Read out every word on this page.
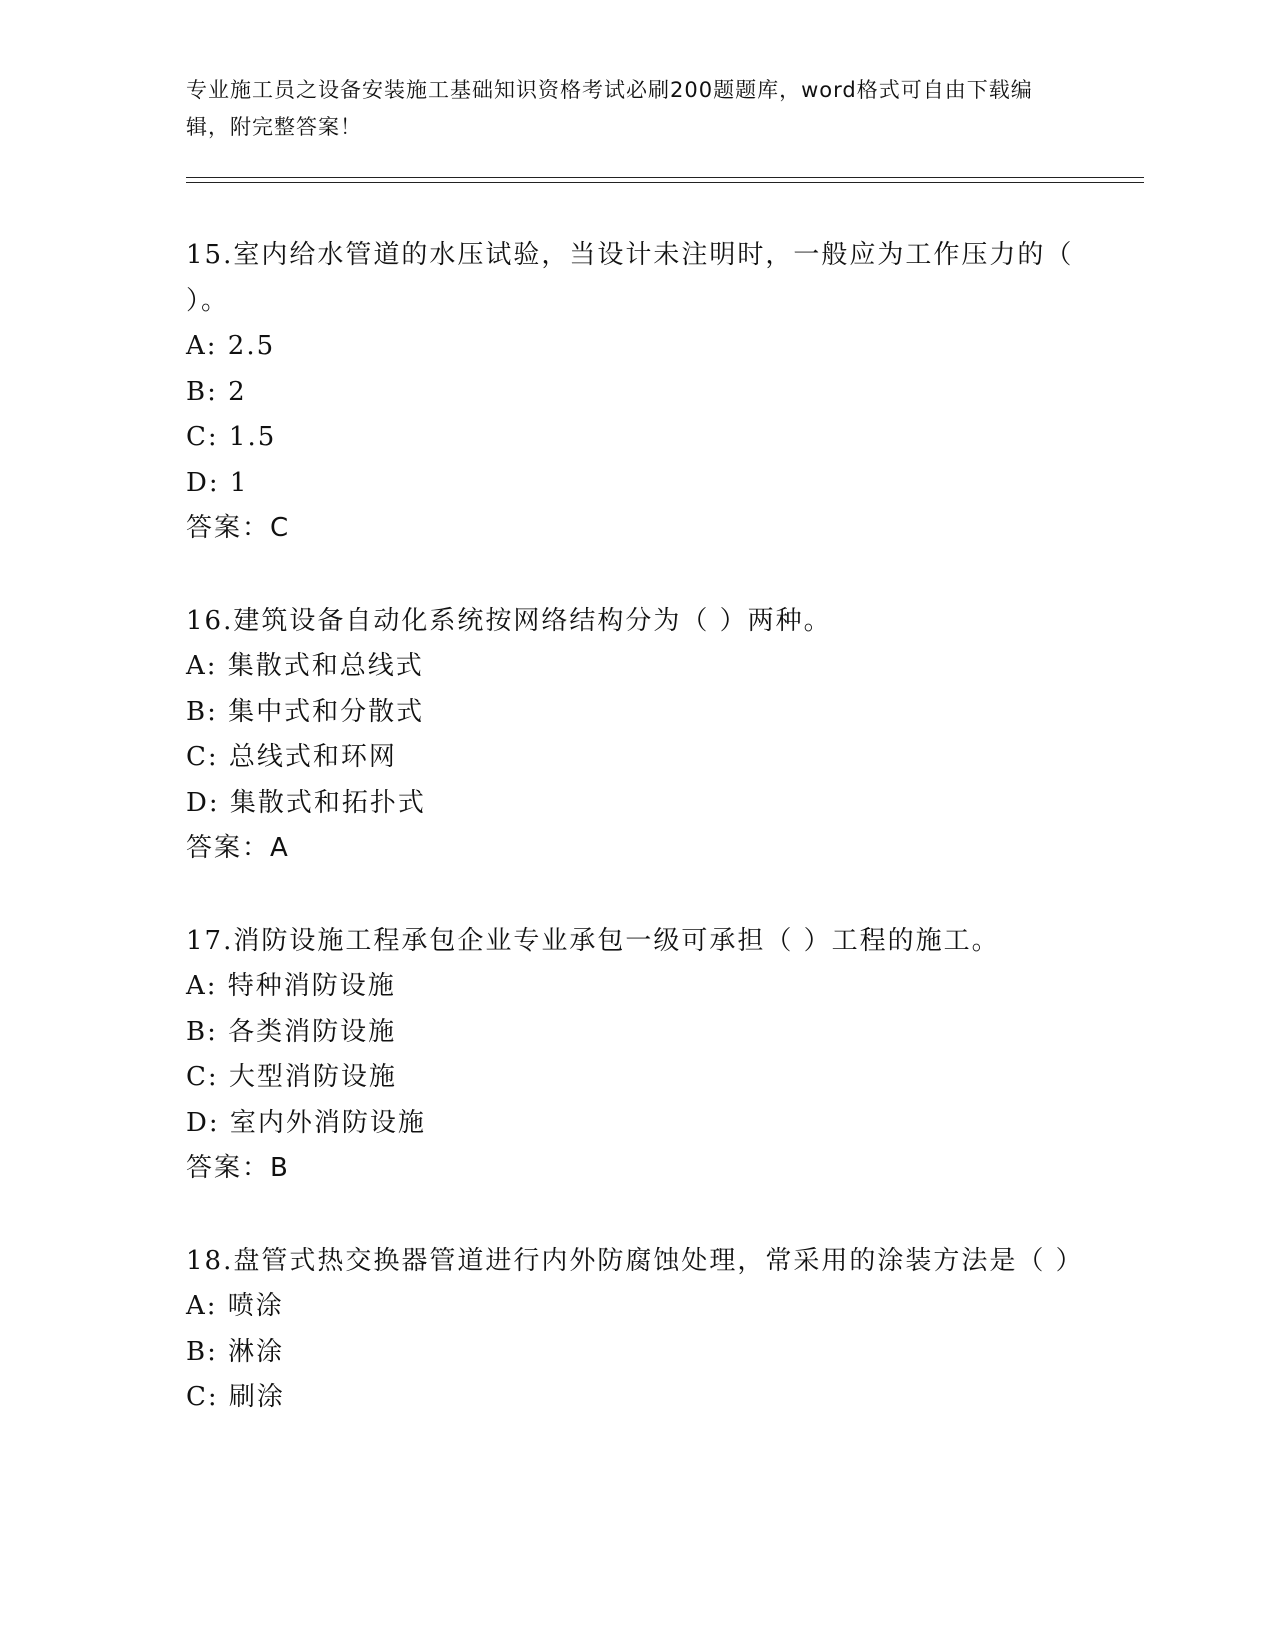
专业施工员之设备安装施工基础知识资格考试必刷200题题库，word格式可自由下载编辑，附完整答案！
15.室内给水管道的水压试验，当设计未注明时，一般应为工作压力的（ ）。
A: 2.5
B: 2
C: 1.5
D: 1
答案：C
16.建筑设备自动化系统按网络结构分为（ ）两种。
A: 集散式和总线式
B: 集中式和分散式
C: 总线式和环网
D: 集散式和拓扑式
答案：A
17.消防设施工程承包企业专业承包一级可承担（ ）工程的施工。
A: 特种消防设施
B: 各类消防设施
C: 大型消防设施
D: 室内外消防设施
答案：B
18.盘管式热交换器管道进行内外防腐蚀处理，常采用的涂装方法是（ ）
A: 喷涂
B: 淋涂
C: 刷涂
